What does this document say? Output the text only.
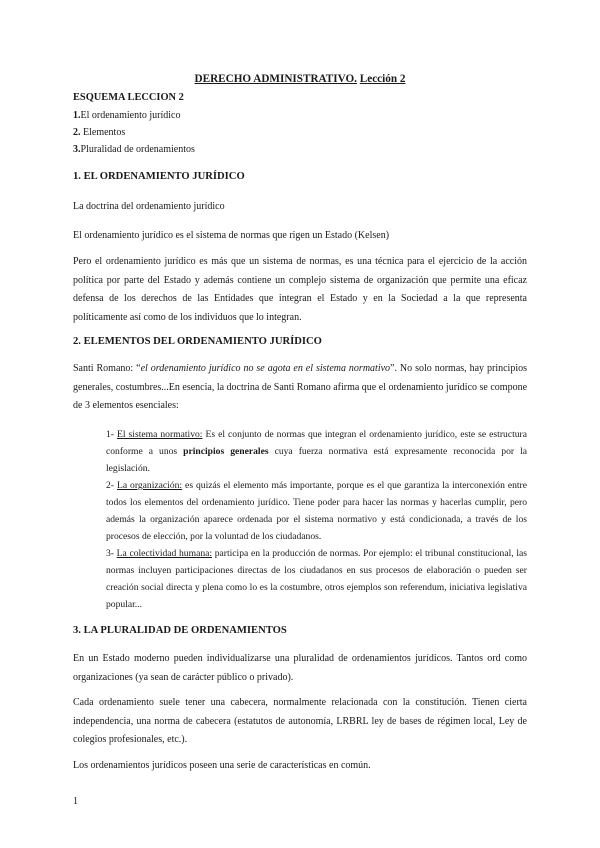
DERECHO ADMINISTRATIVO. Lección 2
ESQUEMA LECCION 2
1.El ordenamiento jurídico
2. Elementos
3.Pluralidad de ordenamientos
1. EL ORDENAMIENTO JURÍDICO
La doctrina del ordenamiento jurídico
El ordenamiento jurídico es el sistema de normas que rigen un Estado (Kelsen)
Pero el ordenamiento jurídico es más que un sistema de normas, es una técnica para el ejercicio de la acción política por parte del Estado y además contiene un complejo sistema de organización que permite una eficaz defensa de los derechos de las Entidades que integran el Estado y en la Sociedad a la que representa políticamente así como de los individuos que lo integran.
2. ELEMENTOS DEL ORDENAMIENTO JURÍDICO
Santi Romano: “el ordenamiento jurídico no se agota en el sistema normativo”. No solo normas, hay principios generales, costumbres...En esencia, la doctrina de Santi Romano afirma que el ordenamiento jurídico se compone de 3 elementos esenciales:
1- El sistema normativo: Es el conjunto de normas que integran el ordenamiento jurídico, este se estructura conforme a unos principios generales cuya fuerza normativa está expresamente reconocida por la legislación.
2- La organización: es quizás el elemento más importante, porque es el que garantiza la interconexión entre todos los elementos del ordenamiento jurídico. Tiene poder para hacer las normas y hacerlas cumplir, pero además la organización aparece ordenada por el sistema normativo y está condicionada, a través de los procesos de elección, por la voluntad de los ciudadanos.
3- La colectividad humana: participa en la producción de normas. Por ejemplo: el tribunal constitucional, las normas incluyen participaciones directas de los ciudadanos en sus procesos de elaboración o pueden ser creación social directa y plena como lo es la costumbre, otros ejemplos son referendum, iniciativa legislativa popular...
3. LA PLURALIDAD DE ORDENAMIENTOS
En un Estado moderno pueden individualizarse una pluralidad de ordenamientos jurídicos. Tantos ord como organizaciones (ya sean de carácter público o privado).
Cada ordenamiento suele tener una cabecera, normalmente relacionada con la constitución. Tienen cierta independencia, una norma de cabecera (estatutos de autonomía, LRBRL ley de bases de régimen local, Ley de colegios profesionales, etc.).
Los ordenamientos jurídicos poseen una serie de características en común.
1
